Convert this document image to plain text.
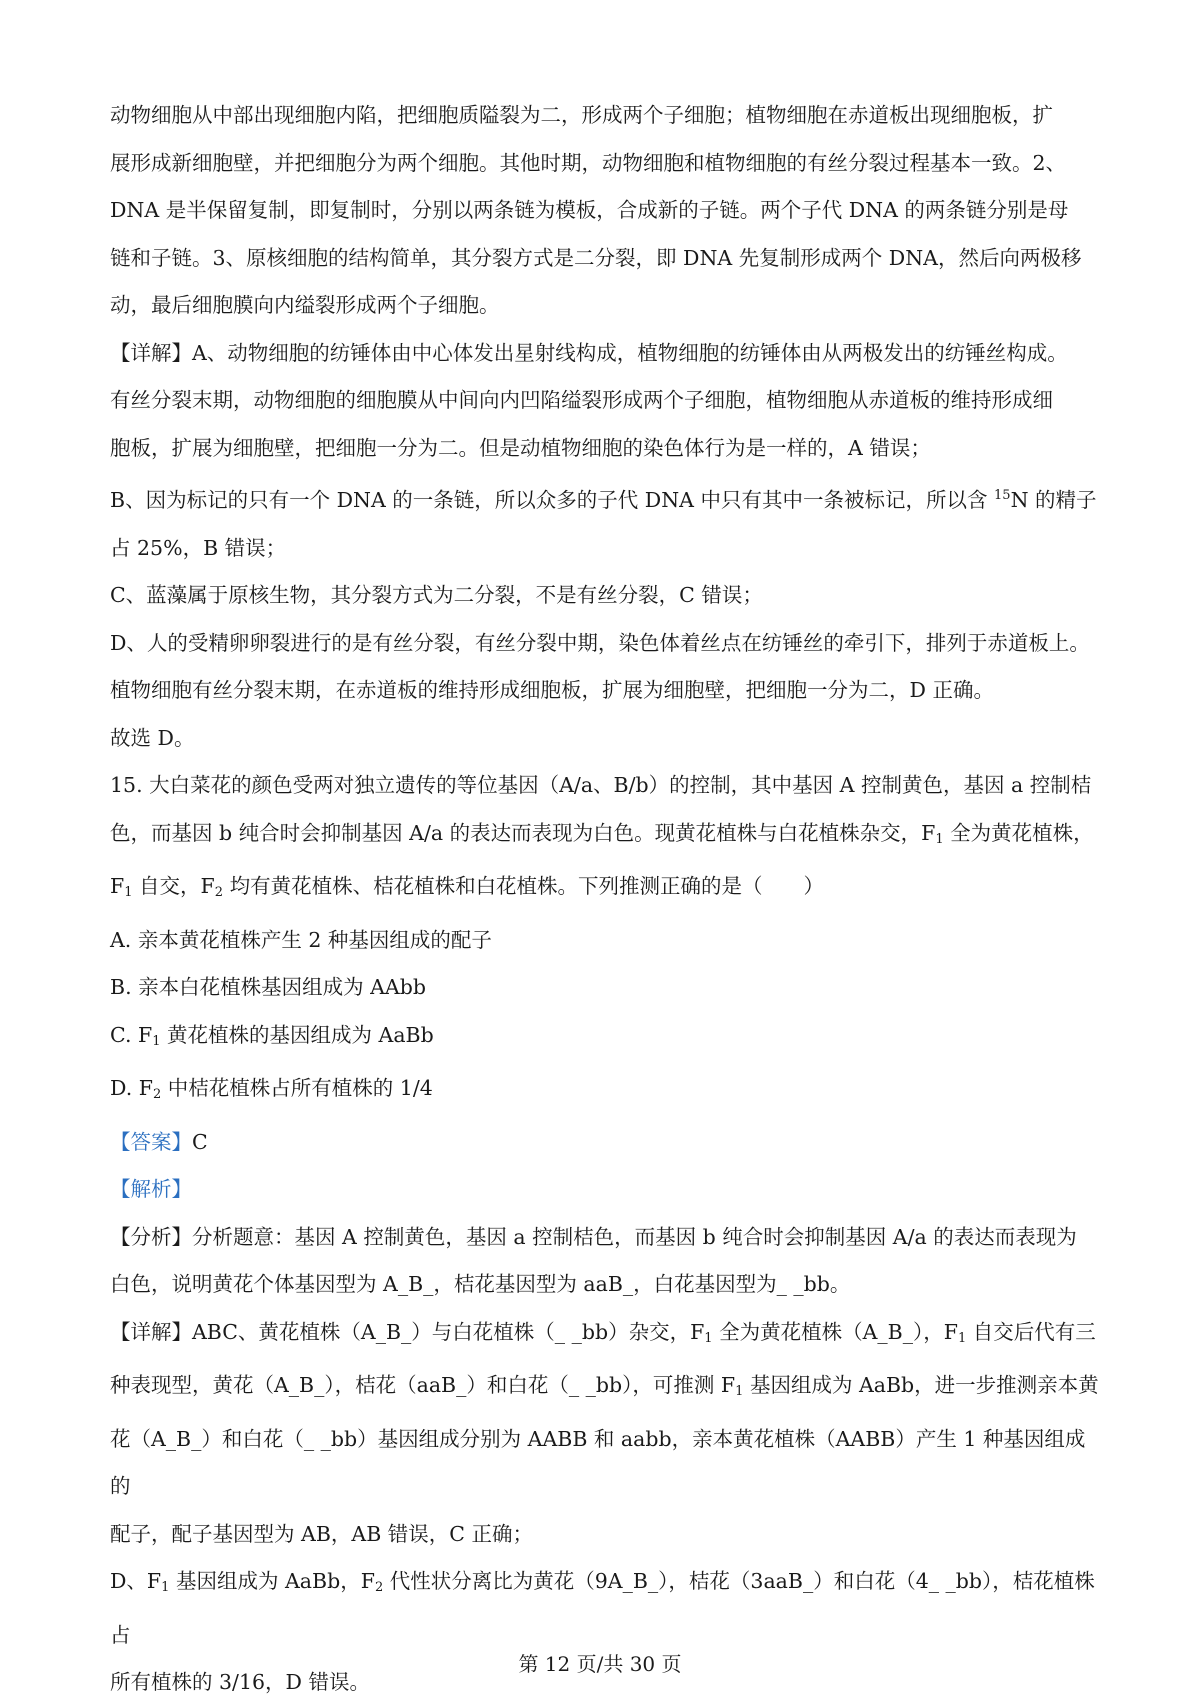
动物细胞从中部出现细胞内陷，把细胞质隘裂为二，形成两个子细胞；植物细胞在赤道板出现细胞板，扩

展形成新细胞壁，并把细胞分为两个细胞。其他时期，动物细胞和植物细胞的有丝分裂过程基本一致。2、

DNA 是半保留复制，即复制时，分别以两条链为模板，合成新的子链。两个子代 DNA 的两条链分别是母

链和子链。3、原核细胞的结构简单，其分裂方式是二分裂，即 DNA 先复制形成两个 DNA，然后向两极移

动，最后细胞膜向内缢裂形成两个子细胞。

【详解】A、动物细胞的纺锤体由中心体发出星射线构成，植物细胞的纺锤体由从两极发出的纺锤丝构成。

有丝分裂末期，动物细胞的细胞膜从中间向内凹陷缢裂形成两个子细胞，植物细胞从赤道板的维持形成细

胞板，扩展为细胞壁，把细胞一分为二。但是动植物细胞的染色体行为是一样的，A 错误；

B、因为标记的只有一个 DNA 的一条链，所以众多的子代 DNA 中只有其中一条被标记，所以含 $^{15}$N 的精子

占 25%，B 错误；

C、蓝藻属于原核生物，其分裂方式为二分裂，不是有丝分裂，C 错误；

D、人的受精卵卵裂进行的是有丝分裂，有丝分裂中期，染色体着丝点在纺锤丝的牵引下，排列于赤道板上。

植物细胞有丝分裂末期，在赤道板的维持形成细胞板，扩展为细胞壁，把细胞一分为二，D 正确。

故选 D。

15. 大白菜花的颜色受两对独立遗传的等位基因（A/a、B/b）的控制，其中基因 A 控制黄色，基因 a 控制桔

色，而基因 b 纯合时会抑制基因 A/a 的表达而表现为白色。现黄花植株与白花植株杂交，$F_1$ 全为黄花植株，

$F_1$ 自交，$F_2$ 均有黄花植株、桔花植株和白花植株。下列推测正确的是（　　）

A. 亲本黄花植株产生 2 种基因组成的配子

B. 亲本白花植株基因组成为 AAbb

C. $F_1$ 黄花植株的基因组成为 AaBb

D. $F_2$ 中桔花植株占所有植株的 1/4

【答案】C

【解析】

【分析】分析题意：基因 A 控制黄色，基因 a 控制桔色，而基因 b 纯合时会抑制基因 A/a 的表达而表现为

白色，说明黄花个体基因型为 A_B_，桔花基因型为 aaB_，白花基因型为_ _bb。

【详解】ABC、黄花植株（A_B_）与白花植株（_ _bb）杂交，$F_1$ 全为黄花植株（A_B_），$F_1$ 自交后代有三

种表现型，黄花（A_B_），桔花（aaB_）和白花（_ _bb），可推测 $F_1$ 基因组成为 AaBb，进一步推测亲本黄

花（A_B_）和白花（_ _bb）基因组成分别为 AABB 和 aabb，亲本黄花植株（AABB）产生 1 种基因组成的

配子，配子基因型为 AB，AB 错误，C 正确；

D、$F_1$ 基因组成为 AaBb，$F_2$ 代性状分离比为黄花（9A_B_），桔花（3aaB_）和白花（4_ _bb），桔花植株占

所有植株的 3/16，D 错误。

第 12 页/共 30 页
